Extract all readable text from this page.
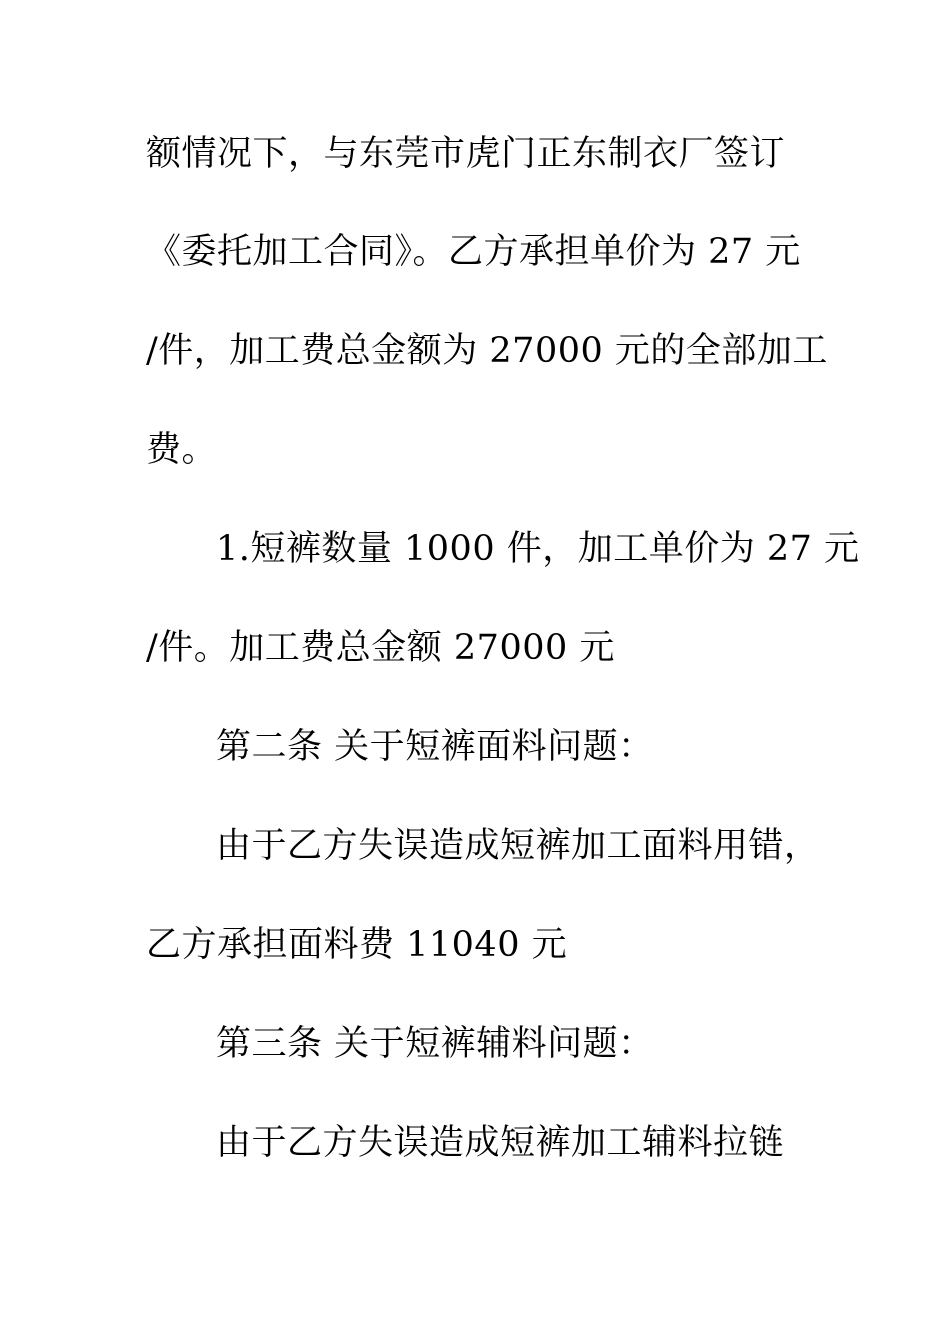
额情况下，与东莞市虎门正东制衣厂签订
《委托加工合同》。乙方承担单价为 27 元
/件，加工费总金额为 27000 元的全部加工
费。
1.短裤数量 1000 件，加工单价为 27 元
/件。加工费总金额 27000 元
第二条 关于短裤面料问题：
由于乙方失误造成短裤加工面料用错，
乙方承担面料费 11040 元
第三条 关于短裤辅料问题：
由于乙方失误造成短裤加工辅料拉链
